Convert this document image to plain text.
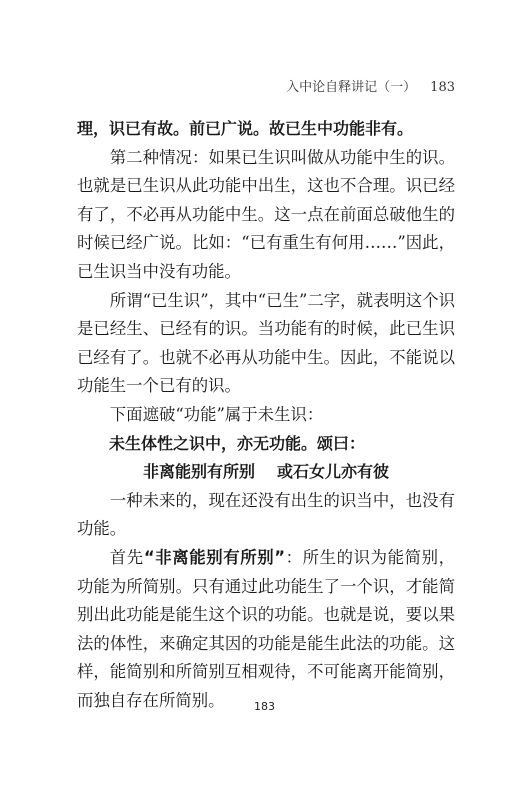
入中论自释讲记（一） 183

理，识已有故。前已广说。故已生中功能非有。

第二种情况：如果已生识叫做从功能中生的识。也就是已生识从此功能中出生，这也不合理。识已经有了，不必再从功能中生。这一点在前面总破他生的时候已经广说。比如：“已有重生有何用……”因此，已生识当中没有功能。

所谓“已生识”，其中“已生”二字，就表明这个识是已经生、已经有的识。当功能有的时候，此已生识已经有了。也就不必再从功能中生。因此，不能说以功能生一个已有的识。

下面遮破“功能”属于未生识：

未生体性之识中，亦无功能。颂曰：

非离能别有所别 或石女儿亦有彼

一种未来的，现在还没有出生的识当中，也没有功能。

首先“非离能别有所别”：所生的识为能简别，功能为所简别。只有通过此功能生了一个识，才能简别出此功能是能生这个识的功能。也就是说，要以果法的体性，来确定其因的功能是能生此法的功能。这样，能简别和所简别互相观待，不可能离开能简别，而独自存在所简别。	183
